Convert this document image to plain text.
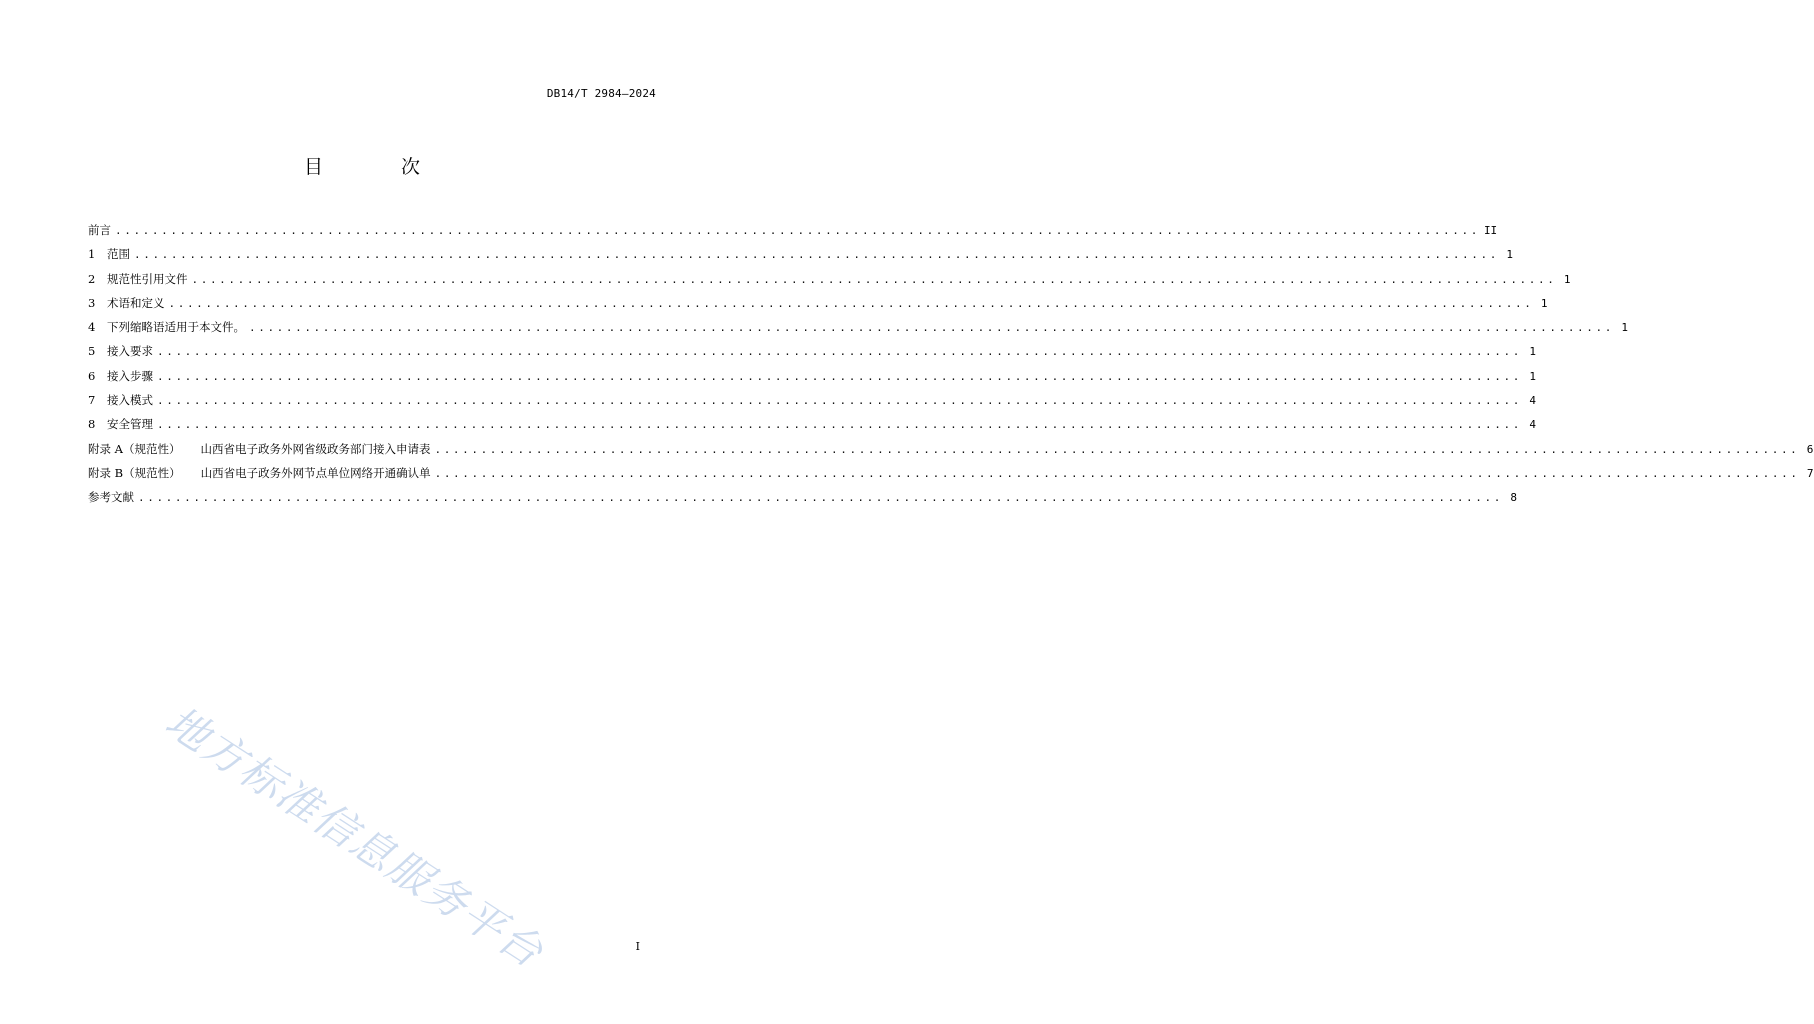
DB14/T 2984—2024
目 次
前言 .................................................................................................................................................... II
1	范围 .................................................................................................................................................... 1
2	规范性引用文件 .................................................................................................................................................... 1
3	术语和定义 .................................................................................................................................................... 1
4	下列缩略语适用于本文件。 .................................................................................................................................................... 1
5	接入要求 .................................................................................................................................................... 1
6	接入步骤 .................................................................................................................................................... 1
7	接入模式 .................................................................................................................................................... 4
8	安全管理 .................................................................................................................................................... 4
附录 A（规范性） 山西省电子政务外网省级政务部门接入申请表 .................................................................................................................................................... 6
附录 B（规范性） 山西省电子政务外网节点单位网络开通确认单 .................................................................................................................................................... 7
参考文献 .................................................................................................................................................... 8
地方标准信息服务平台	I
